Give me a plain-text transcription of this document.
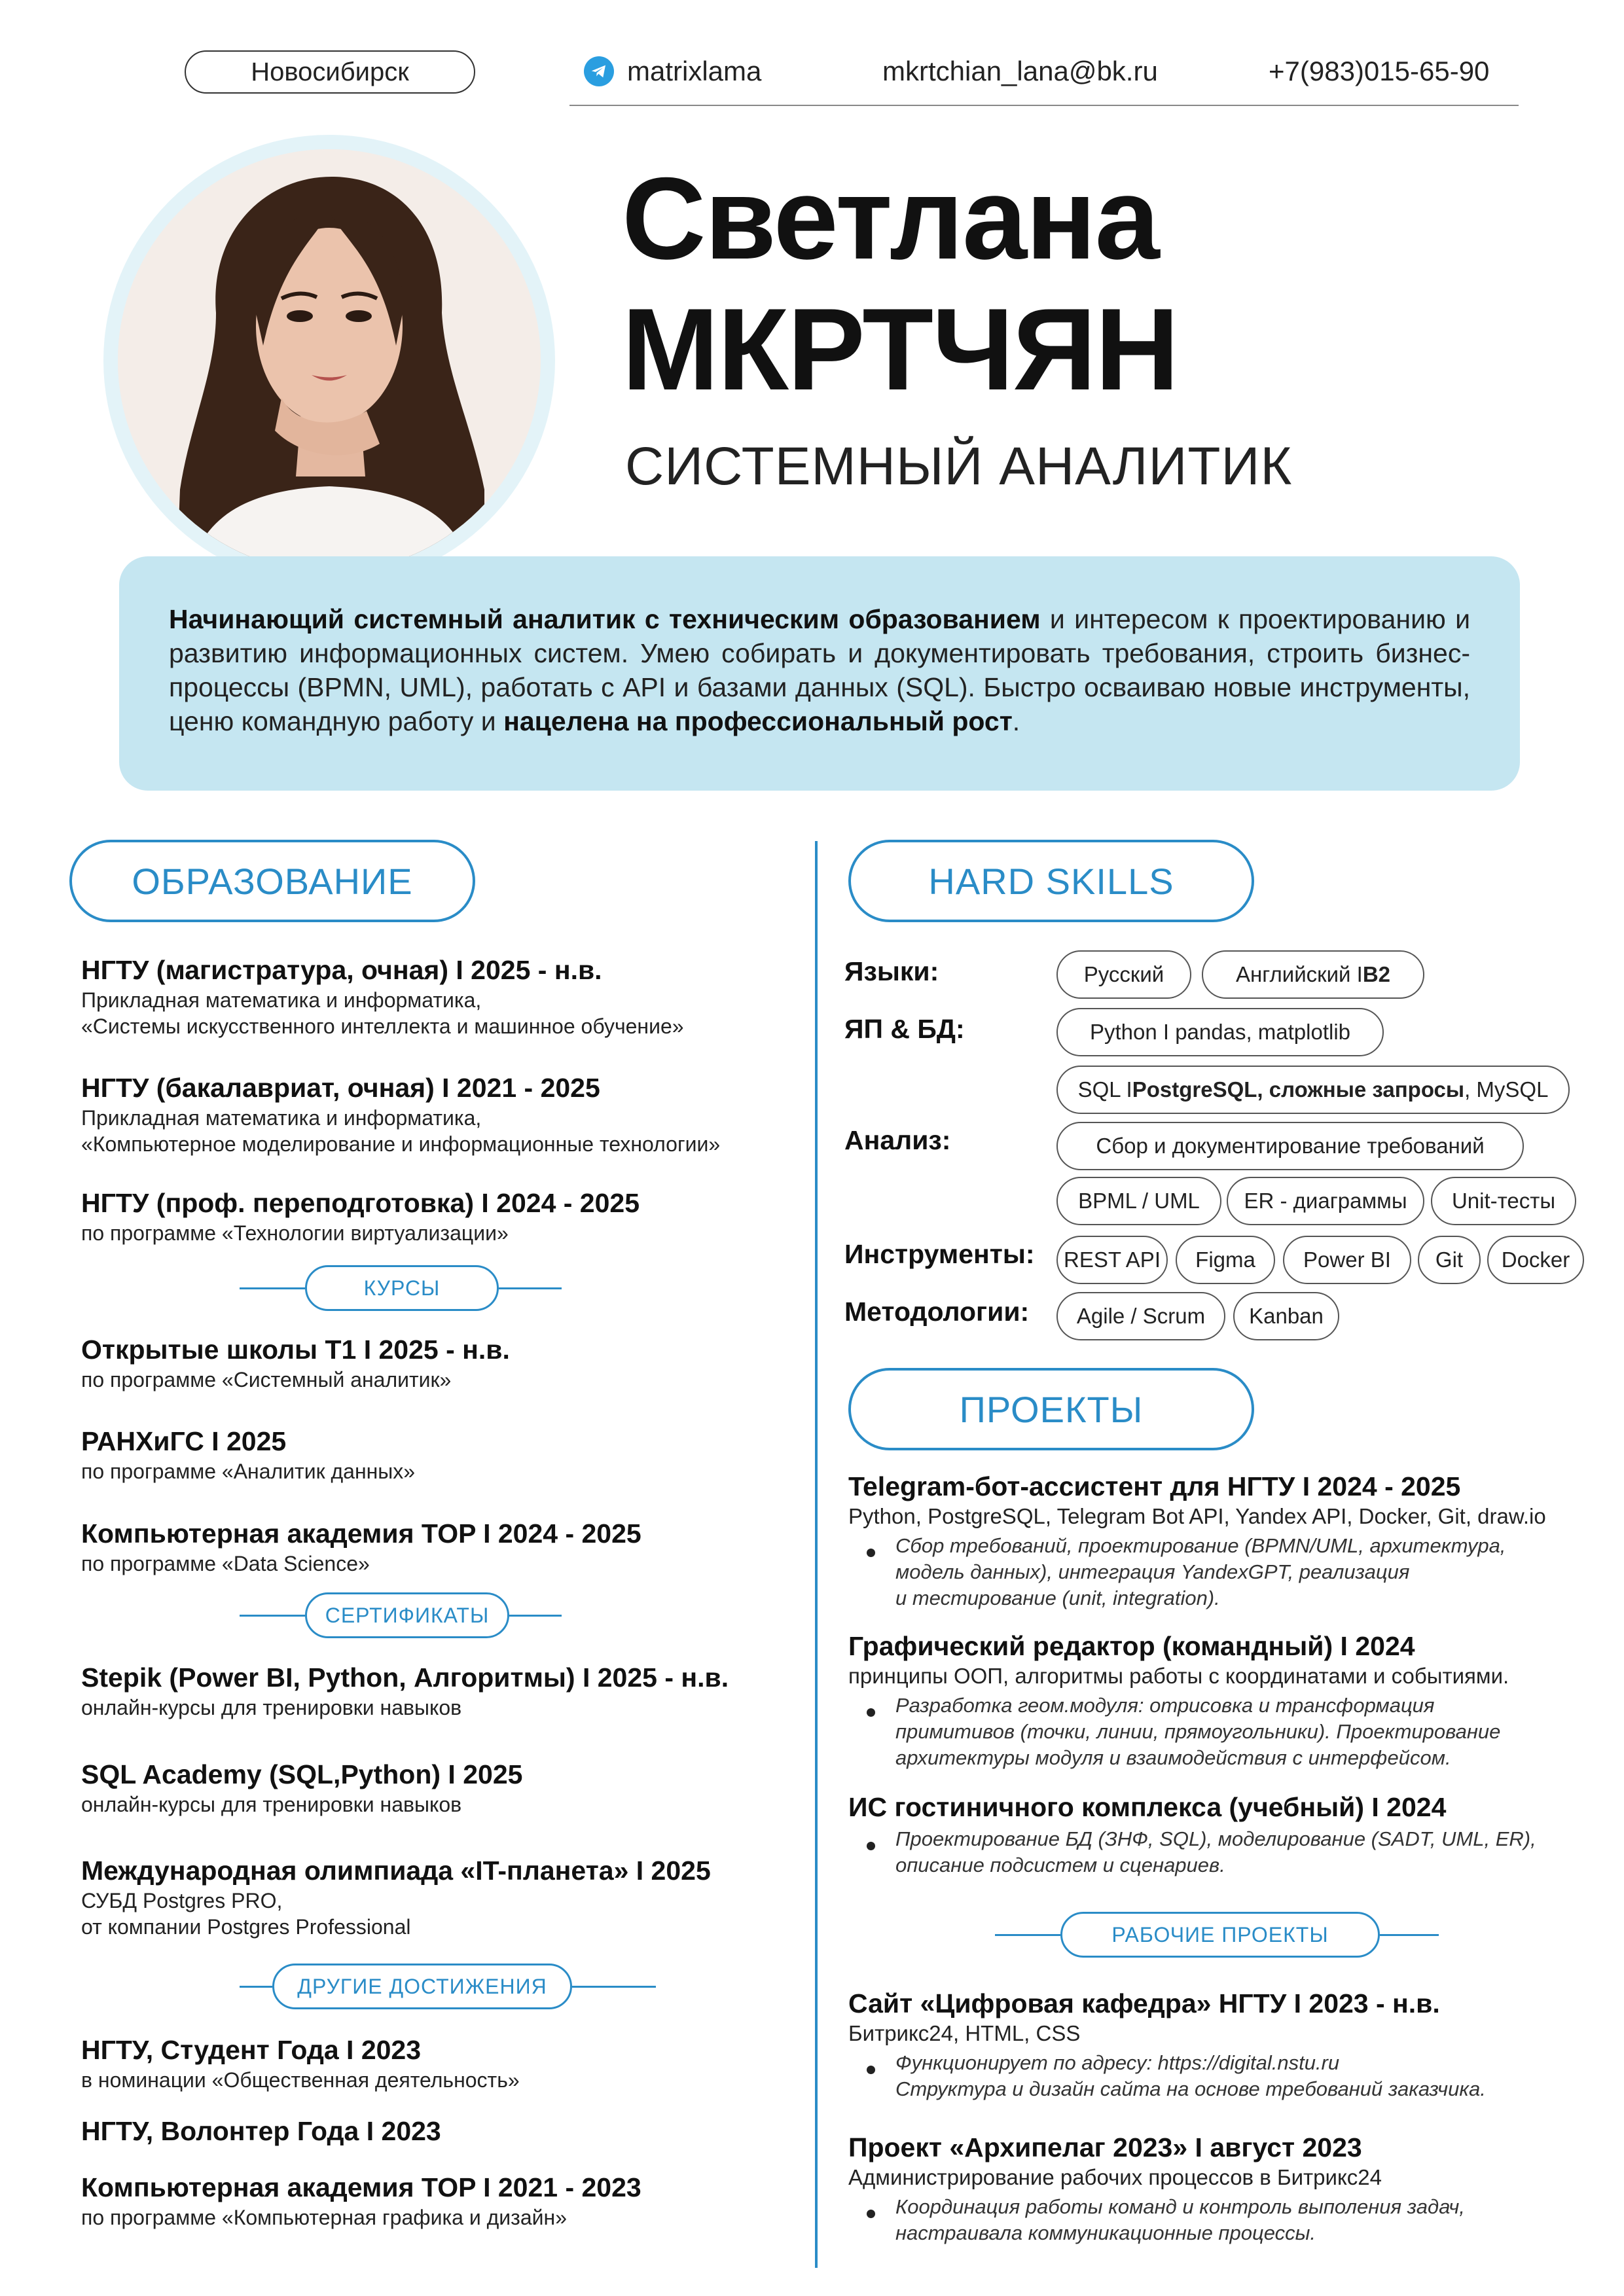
Новосибирск	matrixlama	mkrtchian_lana@bk.ru	+7(983)015-65-90
Светлана
МКРТЧЯН
СИСТЕМНЫЙ АНАЛИТИК
Начинающий системный аналитик с техническим образованием и интересом к проектированию и развитию информационных систем. Умею собирать и документировать требования, строить бизнес-процессы (BPMN, UML), работать с API и базами данных (SQL). Быстро осваиваю новые инструменты, ценю командную работу и нацелена на профессиональный рост.
ОБРАЗОВАНИЕ
НГТУ (магистратура, очная) I 2025 - н.в.
Прикладная математика и информатика,
«Системы искусственного интеллекта и машинное обучение»
НГТУ (бакалавриат, очная) I 2021 - 2025
Прикладная математика и информатика,
«Компьютерное моделирование и информационные технологии»
НГТУ (проф. переподготовка) I 2024 - 2025
по программе «Технологии виртуализации»
КУРСЫ
Открытые школы Т1 I 2025 - н.в.
по программе «Системный аналитик»
РАНХиГС I 2025
по программе «Аналитик данных»
Компьютерная академия TOP I 2024 - 2025
по программе «Data Science»
СЕРТИФИКАТЫ
Stepik (Power BI, Python, Алгоритмы) I 2025 - н.в.
онлайн-курсы для тренировки навыков
SQL Academy (SQL,Python) I 2025
онлайн-курсы для тренировки навыков
Международная олимпиада «IT-планета» I 2025
СУБД Postgres PRO,
от компании Postgres Professional
ДРУГИЕ ДОСТИЖЕНИЯ
НГТУ, Студент Года I 2023
в номинации «Общественная деятельность»
НГТУ, Волонтер Года I 2023
Компьютерная академия TOP I 2021 - 2023
по программе «Компьютерная графика и дизайн»
HARD SKILLS
Языки:	Русский	Английский I B2
ЯП & БД:	Python I pandas, matplotlib
SQL I PostgreSQL, сложные запросы , MySQL
Анализ:	Сбор и документирование требований
BPML / UML	ER - диаграммы	Unit-тесты
Инструменты:	REST API	Figma	Power BI	Git	Docker
Методологии:	Agile / Scrum	Kanban
ПРОЕКТЫ
Telegram-бот-ассистент для НГТУ I 2024 - 2025
Python, PostgreSQL, Telegram Bot API, Yandex API, Docker, Git, draw.io
Сбор требований, проектирование (BPMN/UML, архитектура,
модель данных), интеграция YandexGPT, реализация
и тестирование (unit, integration).
Графический редактор (командный) I 2024
принципы ООП, алгоритмы работы с координатами и событиями.
Разработка геом.модуля: отрисовка и трансформация
примитивов (точки, линии, прямоугольники). Проектирование
архитектуры модуля и взаимодействия с интерфейсом.
ИС гостиничного комплекса (учебный) I 2024
Проектирование БД (ЗНФ, SQL), моделирование (SADT, UML, ER),
описание подсистем и сценариев.
РАБОЧИЕ ПРОЕКТЫ
Сайт «Цифровая кафедра» НГТУ I 2023 - н.в.
Битрикс24, HTML, CSS
Функционирует по адресу: https://digital.nstu.ru
Структура и дизайн сайта на основе требований заказчика.
Проект «Архипелаг 2023» I август 2023
Администрирование рабочих процессов в Битрикс24
Координация работы команд и контроль выполения задач,
настраивала коммуникационные процессы.
